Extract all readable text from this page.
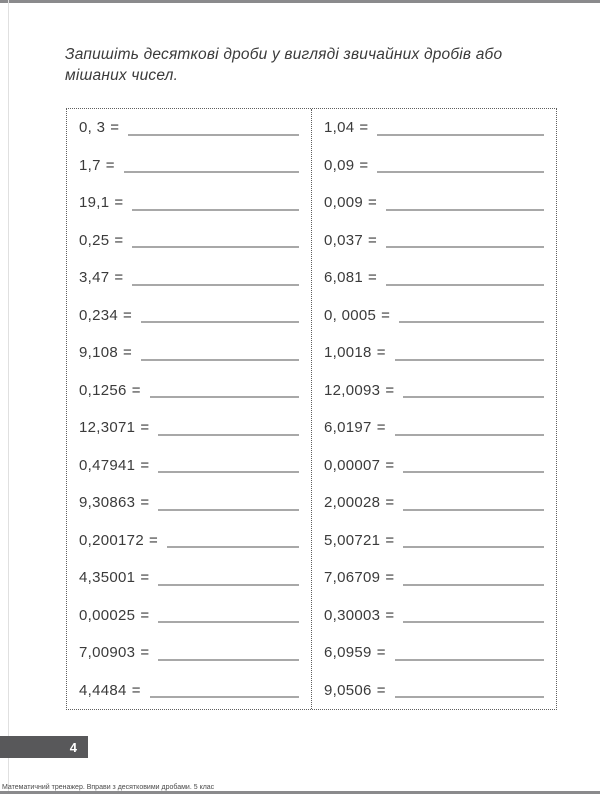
Запишіть десяткові дроби у вигляді звичайних дробів або мішаних чисел.

0, 3 =
1,7 =
19,1 =
0,25 =
3,47 =
0,234 =
9,108 =
0,1256 =
12,3071 =
0,47941 =
9,30863 =
0,200172 =
4,35001 =
0,00025 =
7,00903 =
4,4484 =
1,04 =
0,09 =
0,009 =
0,037 =
6,081 =
0, 0005 =
1,0018 =
12,0093 =
6,0197 =
0,00007 =
2,00028 =
5,00721 =
7,06709 =
0,30003 =
6,0959 =
9,0506 =
4
Математичний тренажер. Вправи з десятковими дробами. 5 клас
